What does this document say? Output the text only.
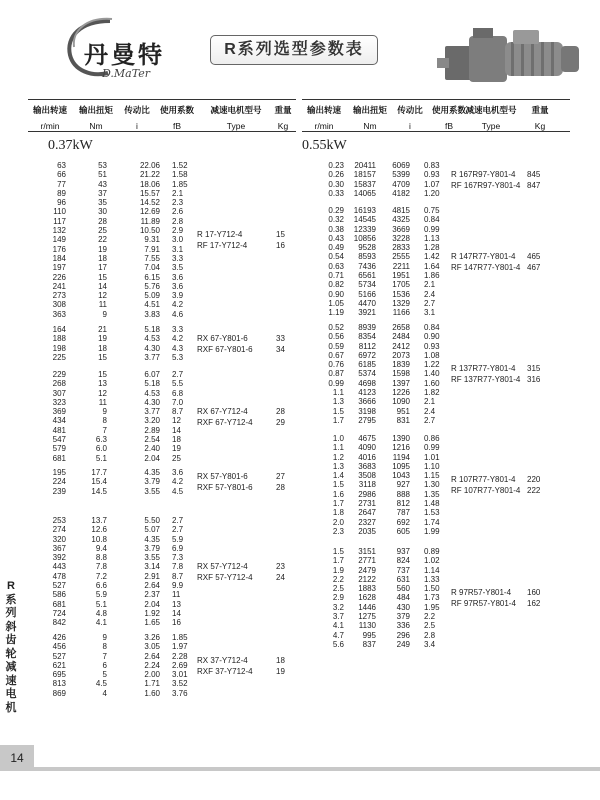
丹曼特
D.MaTer
R系列选型参数表
输出转速	输出扭矩	传动比	使用系数	减速电机型号	重量
r/min	Nm	i	fB	Type	Kg
输出转速	输出扭矩	传动比	使用系数 减速电机型号	重量
r/min	Nm	i	fB	Type	Kg
0.37kW	0.55kW
63	53	22.06 1.52
66	51	21.22 1.58
77	43	18.06 1.85
89	37	15.57 2.1
96	35	14.52 2.3
110	30	12.69 2.6
117	28	11.89 2.8
132	25	10.50 2.9
149	22	9.31 3.0
176	19	7.91 3.1
184	18	7.55 3.3
197	17	7.04 3.5
226	15	6.15 3.6
241	14	5.76 3.6
273	12	5.09 3.9
308	11	4.51 4.2
363	9	3.83 4.6
R 17-Y712-4	15
RF 17-Y712-4	16
164	21	5.18 3.3
188	19	4.53 4.2
198	18	4.30 4.3
225	15	3.77 5.3
RX 67-Y801-6	33
RXF 67-Y801-6	34
229	15	6.07 2.7
268	13	5.18 5.5
307	12	4.53 6.8
323	11	4.30 7.0
369	9	3.77 8.7
434	8	3.20 12
481	7	2.89 14
547	6.3	2.54 18
579	6.0	2.40 19
681	5.1	2.04 25
RX 67-Y712-4	28
RXF 67-Y712-4	29
195	17.7	4.35 3.6
224	15.4	3.79 4.2
239	14.5	3.55 4.5
RX 57-Y801-6	27
RXF 57-Y801-6	28
253	13.7	5.50 2.7
274	12.6	5.07 2.7
320	10.8	4.35 5.9
367	9.4	3.79 6.9
392	8.8	3.55 7.3
443	7.8	3.14 7.8
478	7.2	2.91 8.7
527	6.6	2.64 9.9
586	5.9	2.37 11
681	5.1	2.04 13
724	4.8	1.92 14
842	4.1	1.65 16
RX 57-Y712-4	23
RXF 57-Y712-4	24
426	9	3.26 1.85
456	8	3.05 1.97
527	7	2.64 2.28
621	6	2.24 2.69
695	5	2.00 3.01
813	4.5	1.71 3.52
869	4	1.60 3.76
RX 37-Y712-4	18
RXF 37-Y712-4	19
0.23 20411 6069 0.83
0.26 18157 5399 0.93
0.30 15837 4709 1.07
0.33 14065 4182 1.20
R 167R97-Y801-4 845
RF 167R97-Y801-4 847
0.29 16193 4815 0.75
0.32 14545 4325 0.84
0.38 12339 3669 0.99
0.43 10856 3228 1.13
0.49 9528 2833 1.28
0.54 8593 2555 1.42
0.63 7436 2211 1.64
0.71 6561 1951 1.86
0.82 5734 1705 2.1
0.90 5166 1536 2.4
1.05 4470 1329 2.7
1.19 3921 1166 3.1
R 147R77-Y801-4 465
RF 147R77-Y801-4 467
0.52 8939 2658 0.84
0.56 8354 2484 0.90
0.59 8112 2412 0.93
0.67 6972 2073 1.08
0.76 6185 1839 1.22
0.87 5374 1598 1.40
0.99 4698 1397 1.60
1.1 4123 1226 1.82
1.3 3666 1090 2.1
1.5 3198	951 2.4
1.7 2795	831 2.7
R 137R77-Y801-4 315
RF 137R77-Y801-4 316
1.0 4675 1390 0.86
1.1 4090 1216 0.99
1.2 4016 1194 1.01
1.3 3683 1095 1.10
1.4 3508 1043 1.15
1.5 3118	927 1.30
1.6 2986	888 1.35
1.7 2731	812 1.48
1.8 2647	787 1.53
2.0 2327	692 1.74
2.3 2035	605 1.99
R 107R77-Y801-4 220
RF 107R77-Y801-4 222
1.5 3151	937 0.89
1.7 2771	824 1.02
1.9 2479	737 1.14
2.2 2122	631 1.33
2.5 1883	560 1.50
2.9 1628	484 1.73
3.2 1446	430 1.95
3.7 1275	379 2.2
4.1 1130	336 2.5
4.7 995	296 2.8
5.6 837	249 3.4
R 97R57-Y801-4 160
RF 97R57-Y801-4 162
R系列斜齿轮减速电机
14
